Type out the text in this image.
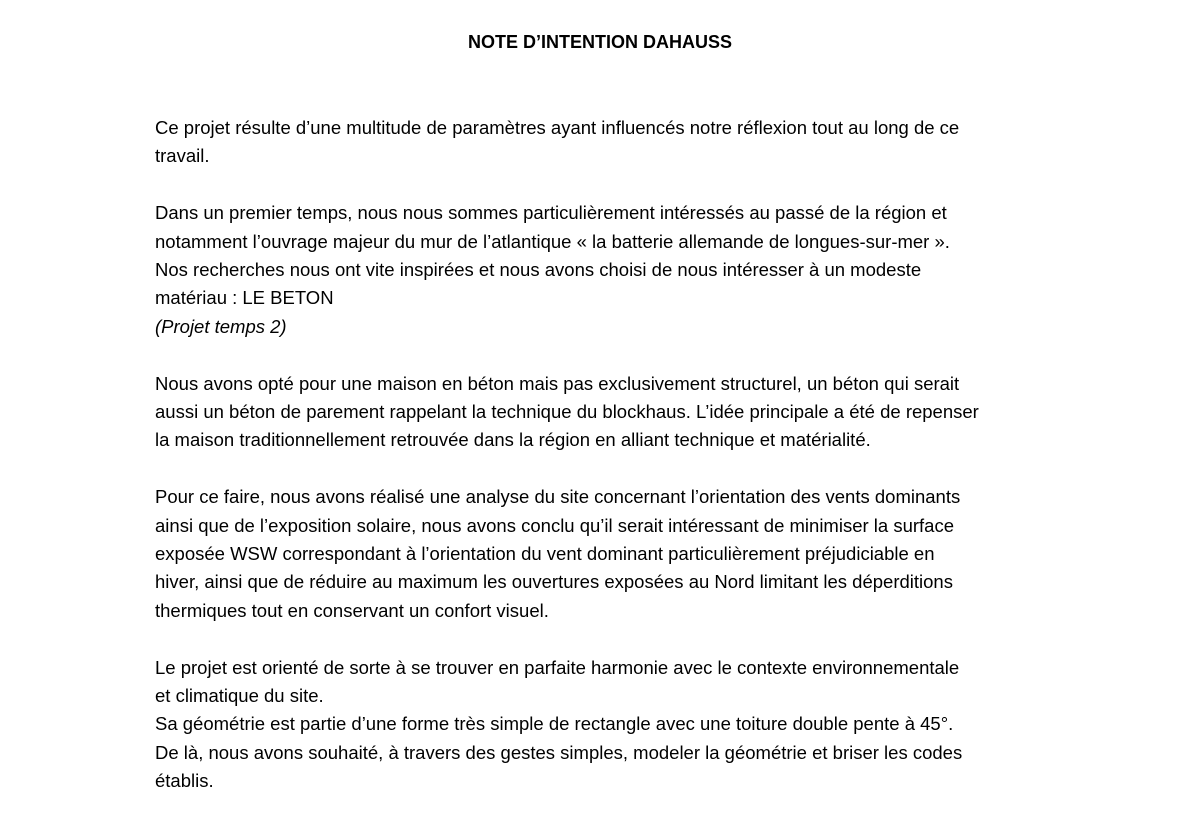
NOTE D’INTENTION DAHAUSS

Ce projet résulte d’une multitude de paramètres ayant influencés notre réflexion tout au long de ce
travail.

Dans un premier temps, nous nous sommes particulièrement intéressés au passé de la région et
notamment l’ouvrage majeur du mur de l’atlantique « la batterie allemande de longues-sur-mer ».
Nos recherches nous ont vite inspirées et nous avons choisi de nous intéresser à un modeste
matériau : LE BETON
(Projet temps 2)

Nous avons opté pour une maison en béton mais pas exclusivement structurel, un béton qui serait
aussi un béton de parement rappelant la technique du blockhaus. L’idée principale a été de repenser
la maison traditionnellement retrouvée dans la région en alliant technique et matérialité.

Pour ce faire, nous avons réalisé une analyse du site concernant l’orientation des vents dominants
ainsi que de l’exposition solaire, nous avons conclu qu’il serait intéressant de minimiser la surface
exposée WSW correspondant à l’orientation du vent dominant particulièrement préjudiciable en
hiver, ainsi que de réduire au maximum les ouvertures exposées au Nord limitant les déperditions
thermiques tout en conservant un confort visuel.

Le projet est orienté de sorte à se trouver en parfaite harmonie avec le contexte environnementale
et climatique du site.
Sa géométrie est partie d’une forme très simple de rectangle avec une toiture double pente à 45°.
De là, nous avons souhaité, à travers des gestes simples, modeler la géométrie et briser les codes
établis.
